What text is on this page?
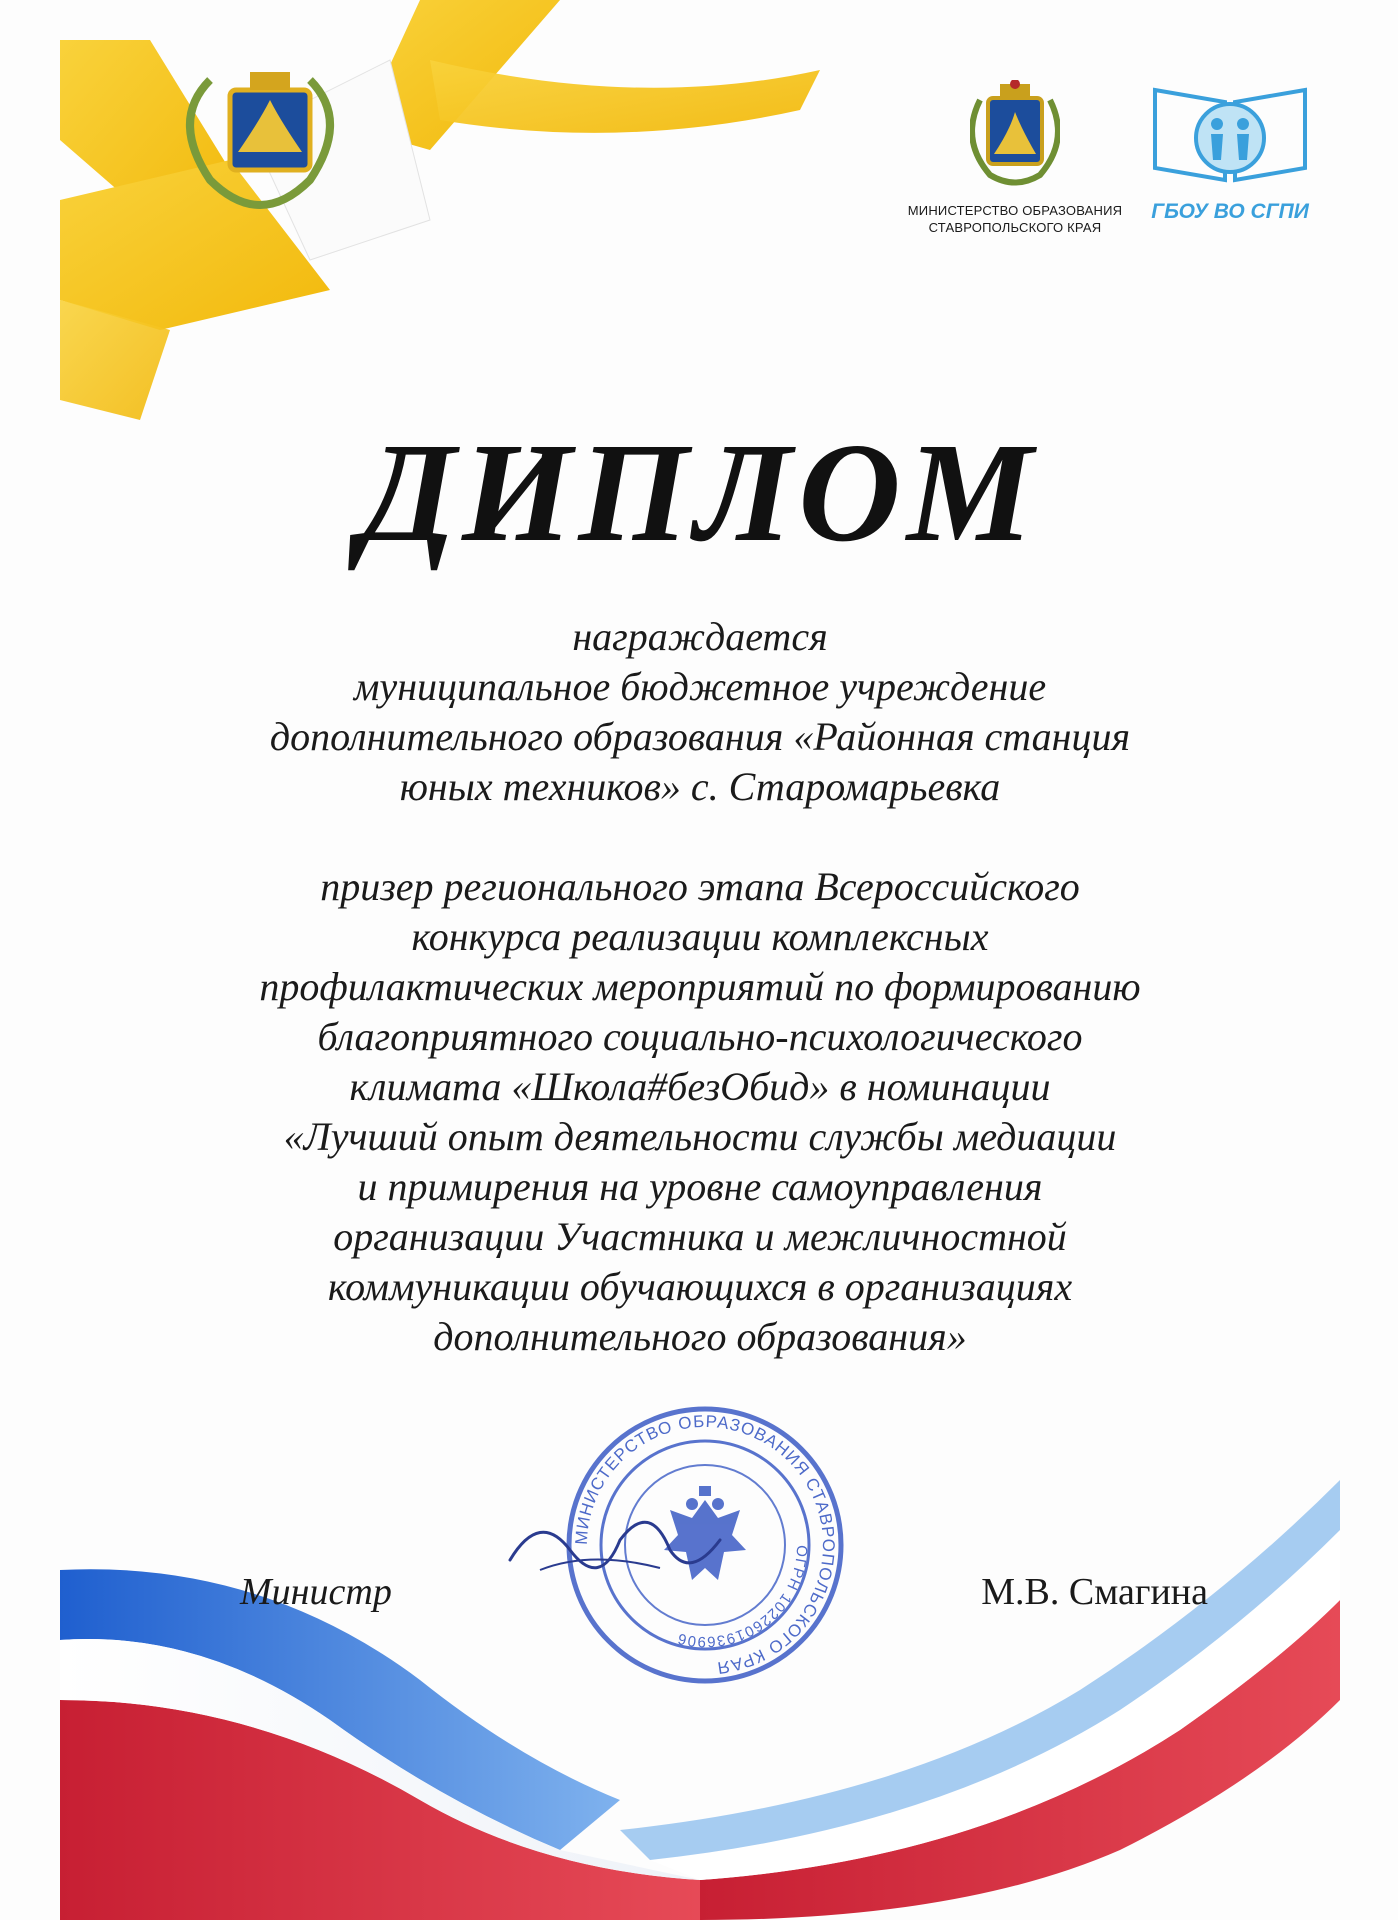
МИНИСТЕРСТВО ОБРАЗОВАНИЯ
СТАВРОПОЛЬСКОГО КРАЯ
ГБОУ ВО СГПИ
ДИПЛОМ

награждается

муниципальное бюджетное учреждение

дополнительного образования «Районная станция

юных техников» с. Старомарьевка

призер регионального этапа Всероссийского

конкурса реализации комплексных

профилактических мероприятий по формированию

благоприятного социально-психологического

климата «Школа#безОбид» в номинации

«Лучший опыт деятельности службы медиации

и примирения на уровне самоуправления

организации Участника и межличностной

коммуникации обучающихся в организациях

дополнительного образования»

МИНИСТЕРСТВО ОБРАЗОВАНИЯ СТАВРОПОЛЬСКОГО КРАЯ
ОГРН 1022601936906
Министр	М.В. Смагина
